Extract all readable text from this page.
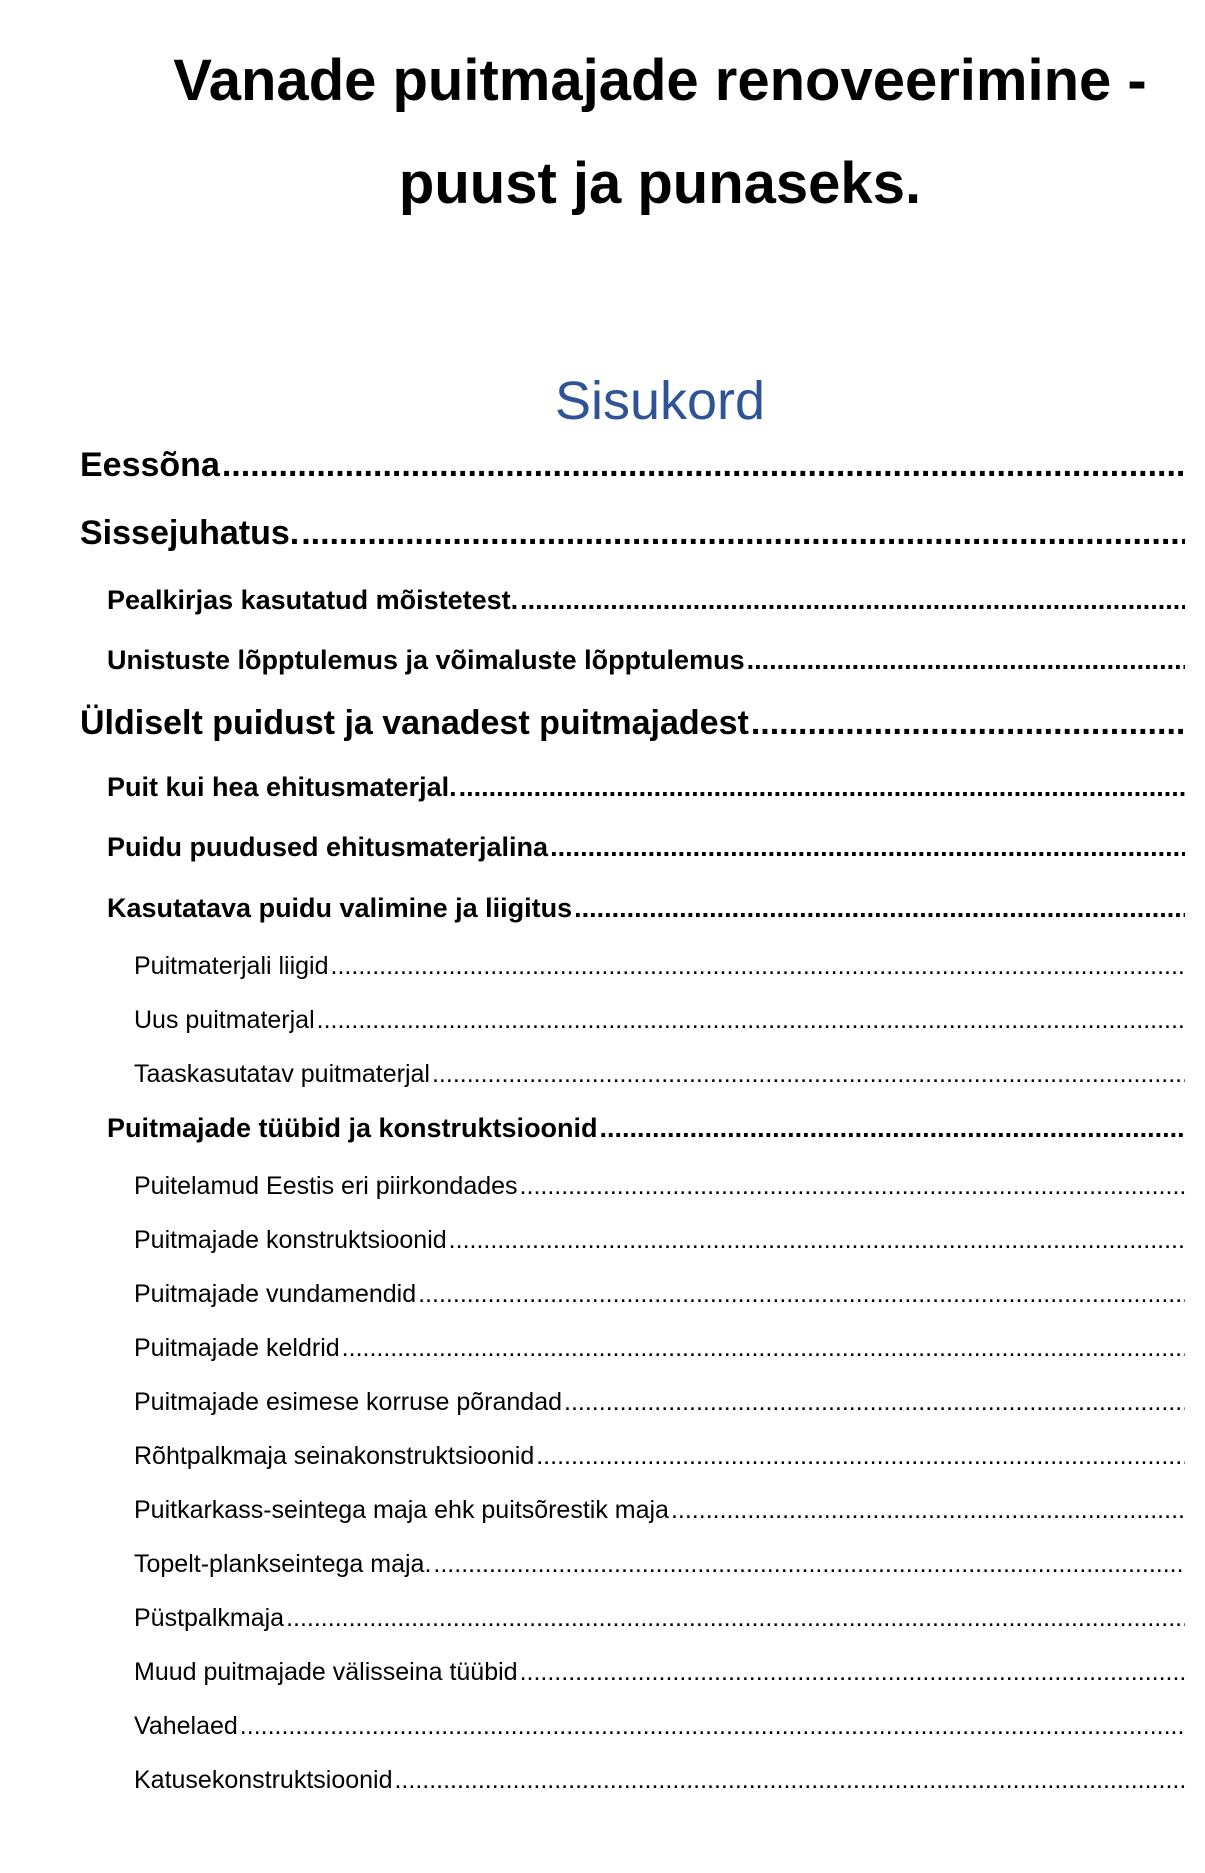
Vanade puitmajade renoveerimine -
puust ja punaseks.
Sisukord
Eessõna
.....
Sissejuhatus.
.....
Pealkirjas kasutatud mõistetest.
.....
Unistuste lõpptulemus ja võimaluste lõpptulemus
.....
Üldiselt puidust ja vanadest puitmajadest
.....
Puit kui hea ehitusmaterjal.
.....
Puidu puudused ehitusmaterjalina
.....
Kasutatava puidu valimine ja liigitus
.....
Puitmaterjali liigid
.....
Uus puitmaterjal
.....
Taaskasutatav puitmaterjal
.....
Puitmajade tüübid ja konstruktsioonid
.....
Puitelamud Eestis eri piirkondades
.....
Puitmajade konstruktsioonid
.....
Puitmajade vundamendid
.....
Puitmajade keldrid
.....
Puitmajade esimese korruse põrandad
.....
Rõhtpalkmaja seinakonstruktsioonid
.....
Puitkarkass-seintega maja ehk puitsõrestik maja
.....
Topelt-plankseintega maja.
.....
Püstpalkmaja
.....
Muud puitmajade välisseina tüübid
.....
Vahelaed
.....
Katusekonstruktsioonid
.....
